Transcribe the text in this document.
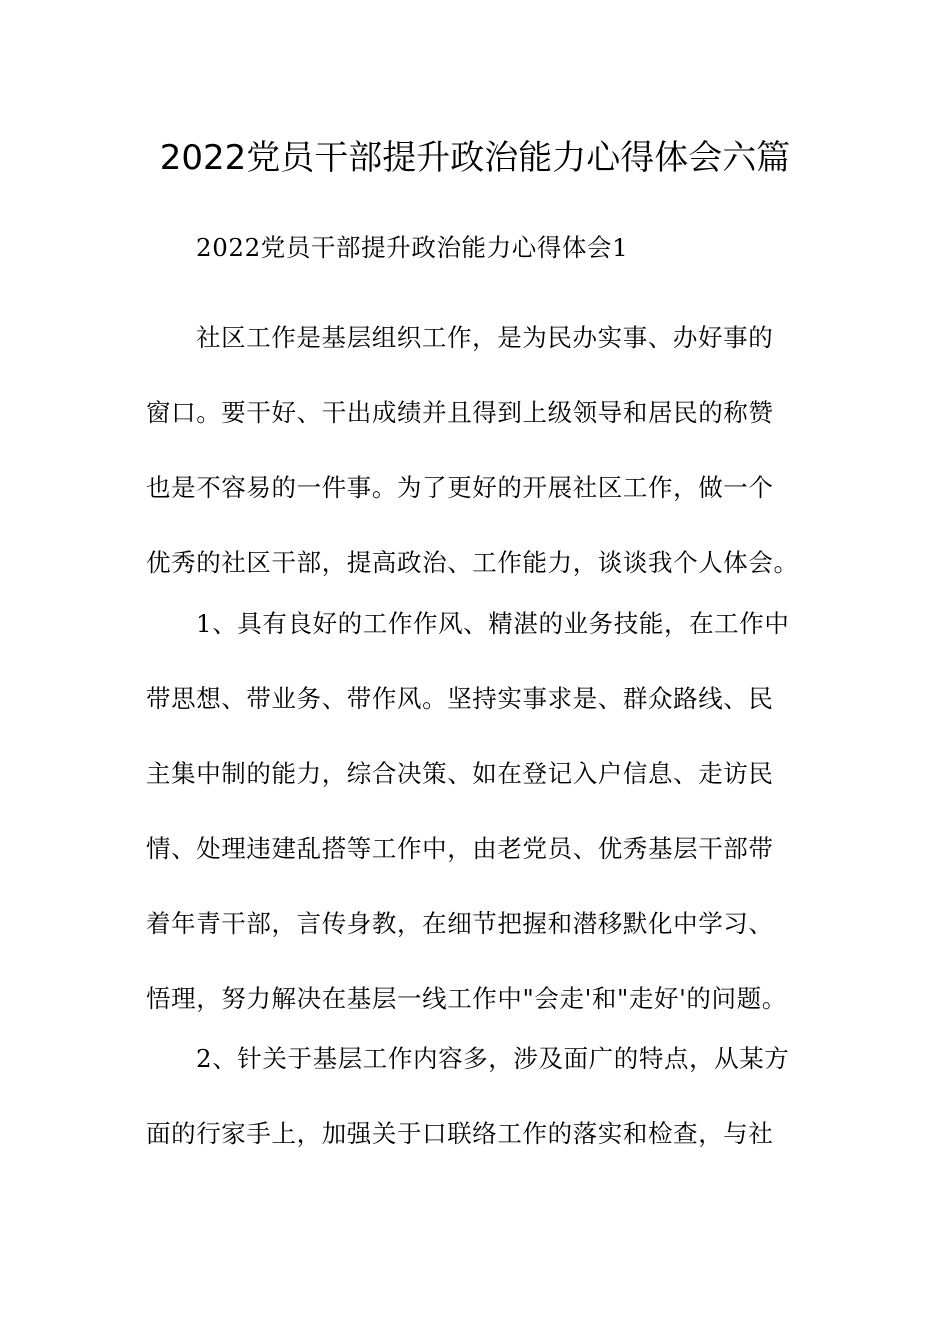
2022党员干部提升政治能力心得体会六篇
2022党员干部提升政治能力心得体会1
社区工作是基层组织工作，是为民办实事、办好事的
窗口。要干好、干出成绩并且得到上级领导和居民的称赞
也是不容易的一件事。为了更好的开展社区工作，做一个
优秀的社区干部，提高政治、工作能力，谈谈我个人体会。
1、具有良好的工作作风、精湛的业务技能，在工作中
带思想、带业务、带作风。坚持实事求是、群众路线、民
主集中制的能力，综合决策、如在登记入户信息、走访民
情、处理违建乱搭等工作中，由老党员、优秀基层干部带
着年青干部，言传身教，在细节把握和潜移默化中学习、
悟理，努力解决在基层一线工作中"会走'和"走好'的问题。
2、针关于基层工作内容多，涉及面广的特点，从某方
面的行家手上，加强关于口联络工作的落实和检查，与社
